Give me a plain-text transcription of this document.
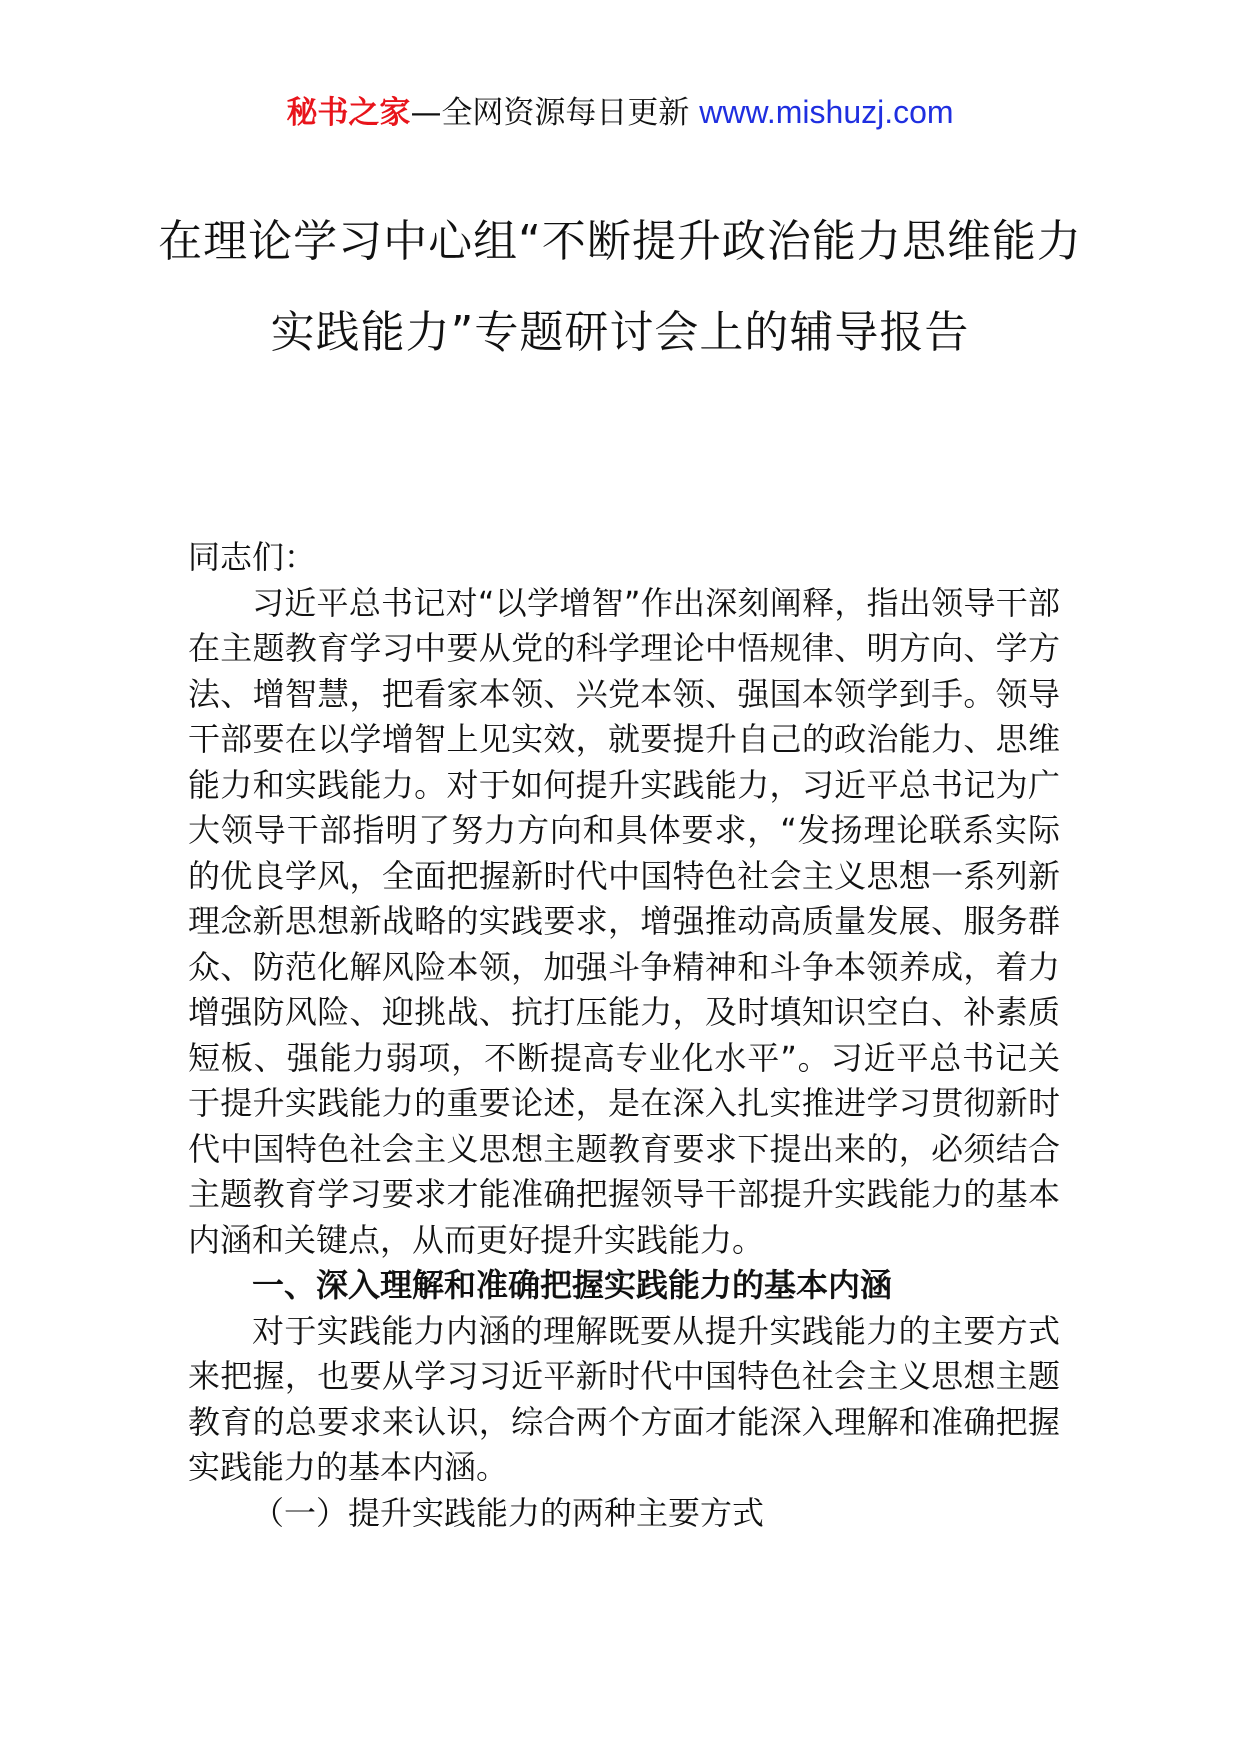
秘书之家—全网资源每日更新 www.mishuzj.com
在理论学习中心组“不断提升政治能力思维能力实践能力”专题研讨会上的辅导报告

同志们：

习近平总书记对“以学增智”作出深刻阐释，指出领导干部在主题教育学习中要从党的科学理论中悟规律、明方向、学方法、增智慧，把看家本领、兴党本领、强国本领学到手。领导干部要在以学增智上见实效，就要提升自己的政治能力、思维能力和实践能力。对于如何提升实践能力，习近平总书记为广大领导干部指明了努力方向和具体要求，“发扬理论联系实际的优良学风，全面把握新时代中国特色社会主义思想一系列新理念新思想新战略的实践要求，增强推动高质量发展、服务群众、防范化解风险本领，加强斗争精神和斗争本领养成，着力增强防风险、迎挑战、抗打压能力，及时填知识空白、补素质短板、强能力弱项，不断提高专业化水平”。习近平总书记关于提升实践能力的重要论述，是在深入扎实推进学习贯彻新时代中国特色社会主义思想主题教育要求下提出来的，必须结合主题教育学习要求才能准确把握领导干部提升实践能力的基本内涵和关键点，从而更好提升实践能力。

一、深入理解和准确把握实践能力的基本内涵

对于实践能力内涵的理解既要从提升实践能力的主要方式来把握，也要从学习习近平新时代中国特色社会主义思想主题教育的总要求来认识，综合两个方面才能深入理解和准确把握实践能力的基本内涵。

（一）提升实践能力的两种主要方式
